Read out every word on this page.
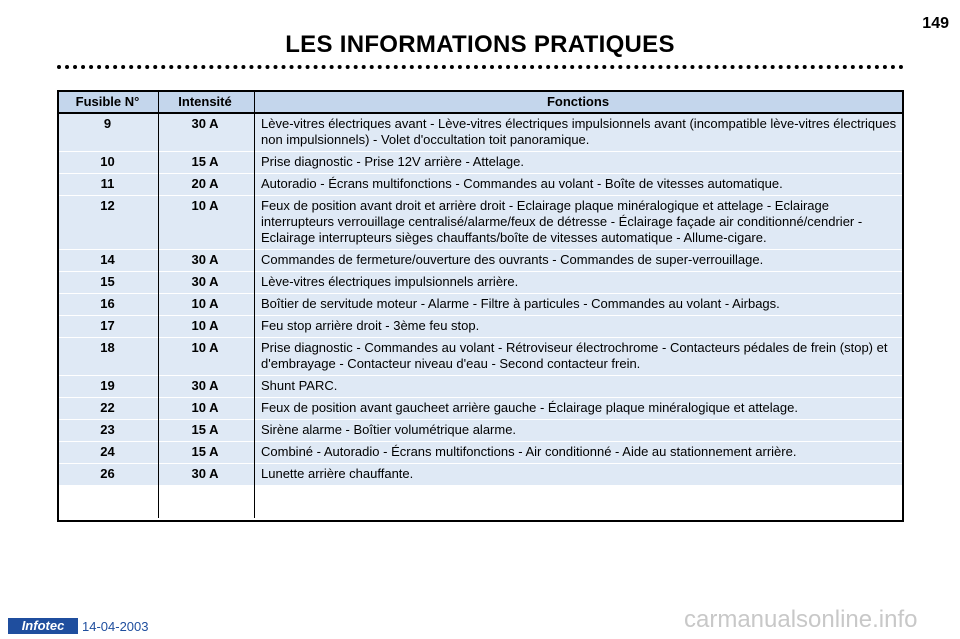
149
LES INFORMATIONS PRATIQUES
Fusible N°	Intensité	Fonctions
9	30 A	Lève-vitres électriques avant - Lève-vitres électriques impulsionnels avant (incompatible lève-vitres électriques non impulsionnels) - Volet d'occultation toit panoramique.
10	15 A	Prise diagnostic - Prise 12V arrière - Attelage.
11	20 A	Autoradio - Écrans multifonctions - Commandes au volant - Boîte de vitesses automatique.
12	10 A	Feux de position avant droit et arrière droit - Eclairage plaque minéralogique et attelage - Eclairage interrupteurs verrouillage centralisé/alarme/feux de détresse - Éclairage façade air conditionné/cendrier - Eclairage interrupteurs sièges chauffants/boîte de vitesses automatique - Allume-cigare.
14	30 A	Commandes de fermeture/ouverture des ouvrants - Commandes de super-verrouillage.
15	30 A	Lève-vitres électriques impulsionnels arrière.
16	10 A	Boîtier de servitude moteur - Alarme - Filtre à particules - Commandes au volant - Airbags.
17	10 A	Feu stop arrière droit - 3ème feu stop.
18	10 A	Prise diagnostic - Commandes au volant - Rétroviseur électrochrome - Contacteurs pédales de frein (stop) et d'embrayage - Contacteur niveau d'eau - Second contacteur frein.
19	30 A	Shunt PARC.
22	10 A	Feux de position avant gaucheet arrière gauche - Éclairage plaque minéralogique et attelage.
23	15 A	Sirène alarme - Boîtier volumétrique alarme.
24	15 A	Combiné - Autoradio - Écrans multifonctions - Air conditionné - Aide au stationnement arrière.
26	30 A	Lunette arrière chauffante.
Infotec	14-04-2003	carmanualsonline.info
